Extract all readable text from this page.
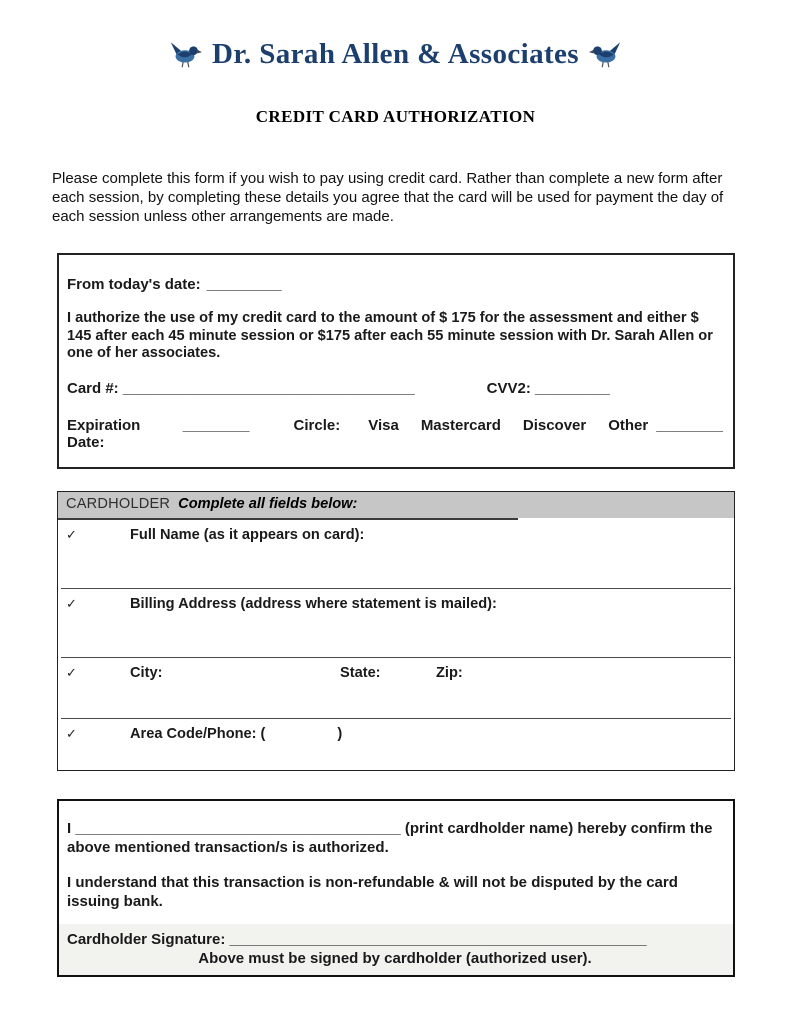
Dr. Sarah Allen & Associates
CREDIT CARD AUTHORIZATION

Please complete this form if you wish to pay using credit card. Rather than complete a new form after each session, by completing these details you agree that the card will be used for payment the day of each session unless other arrangements are made.

From today's date: _________

I authorize the use of my credit card to the amount of $ 175 for the assessment and either $ 145 after each 45 minute session or $175 after each 55 minute session with Dr. Sarah Allen or one of her associates.

Card #: ___________________________________	CVV2: _________
Expiration Date:
________	Circle: Visa Mastercard Discover Other ________
CARDHOLDER Complete all fields below:
✓	Full Name (as it appears on card):
✓	Billing Address (address where statement is mailed):
✓	City:	State:	Zip:
✓	Area Code/Phone: (	)

I _______________________________________ (print cardholder name) hereby confirm the above mentioned transaction/s is authorized.

I understand that this transaction is non-refundable & will not be disputed by the card issuing bank.

Cardholder Signature: __________________________________________________
Above must be signed by cardholder (authorized user).
